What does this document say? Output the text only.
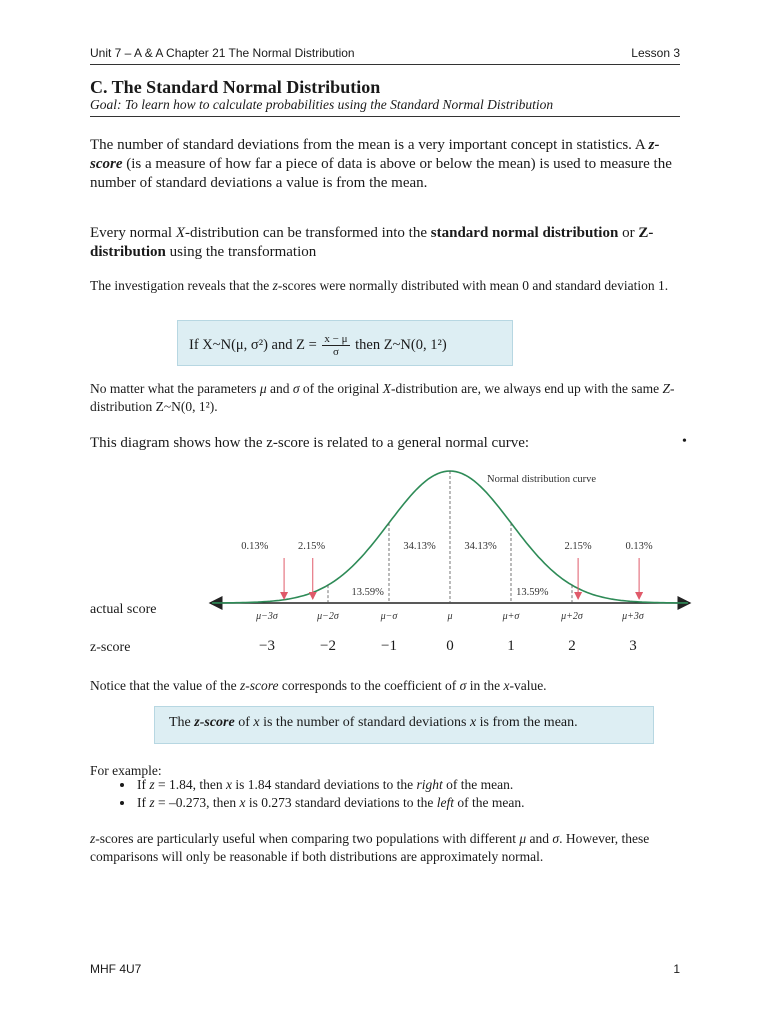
Unit 7 – A & A Chapter 21 The Normal Distribution	Lesson 3
C. The Standard Normal Distribution
Goal: To learn how to calculate probabilities using the Standard Normal Distribution
The number of standard deviations from the mean is a very important concept in statistics. A z-score (is a measure of how far a piece of data is above or below the mean) is used to measure the number of standard deviations a value is from the mean.
Every normal X-distribution can be transformed into the standard normal distribution or Z-distribution using the transformation
The investigation reveals that the z-scores were normally distributed with mean 0 and standard deviation 1.
If X~N(μ, σ²) and $Z = \frac{x - \mu}{\sigma}$ then Z~N(0, 1²)
No matter what the parameters μ and σ of the original X-distribution are, we always end up with the same Z-distribution Z~N(0, 1²).
This diagram shows how the z-score is related to a general normal curve:	•
μ−3σ	μ−2σ	μ−σ	μ	μ+σ	μ+2σ	μ+3σ
0.13%	2.15%	2.15%	0.13%
34.13%	34.13%
13.59%	13.59%
Normal distribution curve
actual score
z-score	−3	−2	−1	0	1	2	3
Notice that the value of the z-score corresponds to the coefficient of σ in the x-value.
The z-score of x is the number of standard deviations x is from the mean.
For example:
• If z = 1.84, then x is 1.84 standard deviations to the right of the mean.
• If z = –0.273, then x is 0.273 standard deviations to the left of the mean.
z-scores are particularly useful when comparing two populations with different μ and σ. However, these comparisons will only be reasonable if both distributions are approximately normal.
MHF 4U7	1
